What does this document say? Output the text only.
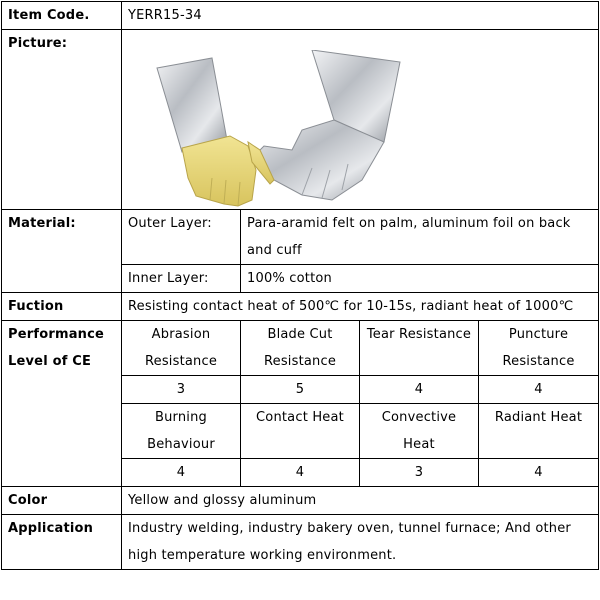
Item Code.	YERR15-34			
Picture:	

Material:	Outer Layer:	Para-aramid felt on palm, aluminum foil on back and cuff		
	Inner Layer:	100% cotton		
Fuction	Resisting contact heat of 500℃ for 10-15s, radiant heat of 1000℃			
Performance Level of CE	Abrasion Resistance	Blade Cut Resistance	Tear Resistance	Puncture Resistance
	3	5	4	4
	Burning Behaviour	Contact Heat	Convective Heat	Radiant Heat
	4	4	3	4
Color	Yellow and glossy aluminum			
Application	Industry welding, industry bakery oven, tunnel furnace; And other high temperature working environment.			
